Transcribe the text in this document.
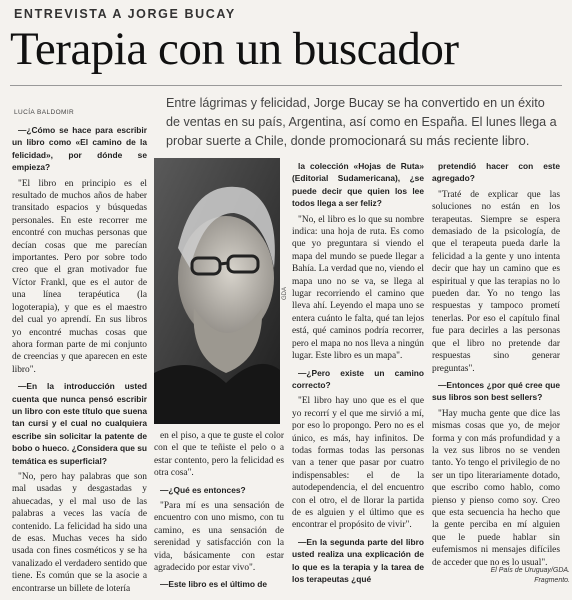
ENTREVISTA A JORGE BUCAY
Terapia con un buscador
LUCÍA BALDOMIR
Entre lágrimas y felicidad, Jorge Bucay se ha convertido en un éxito de ventas en su país, Argentina, así como en España. El lunes llega a probar suerte a Chile, donde promocionará su más reciente libro.

—¿Cómo se hace para escribir un libro como «El camino de la felicidad», por dónde se empieza?

"El libro en principio es el resultado de muchos años de haber transitado espacios y búsquedas personales. En este recorrer me encontré con muchas personas que decían cosas que me parecían importantes. Pero por sobre todo creo que el gran motivador fue Víctor Frankl, que es el autor de una línea terapéutica (la logoterapia), y que es el maestro del cual yo aprendí. En sus libros yo encontré muchas cosas que ahora forman parte de mi conjunto de creencias y que aparecen en este libro".

—En la introducción usted cuenta que nunca pensó escribir un libro con este título que suena tan cursi y el cual no cualquiera escribe sin solicitar la patente de bobo o hueco. ¿Considera que su temática es superficial?

"No, pero hay palabras que son mal usadas y desgastadas y ahuecadas, y el mal uso de las palabras a veces las vacía de contenido. La felicidad ha sido una de esas. Muchas veces ha sido usada con fines cosméticos y se ha vanalizado el verdadero sentido que tiene. Es común que se la asocie a encontrarse un billete de lotería

GDA

en el piso, a que te guste el color con el que te teñiste el pelo o a estar contento, pero la felicidad es otra cosa".

—¿Qué es entonces?

"Para mí es una sensación de encuentro con uno mismo, con tu camino, es una sensación de serenidad y satisfacción con la vida, básicamente con estar agradecido por estar vivo".

—Este libro es el último de

la colección «Hojas de Ruta» (Editorial Sudamericana), ¿se puede decir que quien los lee todos llega a ser feliz?

"No, el libro es lo que su nombre indica: una hoja de ruta. Es como que yo preguntara si viendo el mapa del mundo se puede llegar a Bahía. La verdad que no, viendo el mapa uno no se va, se llega al lugar recorriendo el camino que lleva ahí. Leyendo el mapa uno se entera cuánto le falta, qué tan lejos está, qué caminos podría recorrer, pero el mapa no nos lleva a ningún lugar. Este libro es un mapa".

—¿Pero existe un camino correcto?

"El libro hay uno que es el que yo recorrí y el que me sirvió a mí, por eso lo propongo. Pero no es el único, es más, hay infinitos. De todas formas todas las personas van a tener que pasar por cuatro indispensables: el de la autodependencia, el del encuentro con el otro, el de llorar la partida de es alguien y el último que es encontrar el propósito de vivir".

—En la segunda parte del libro usted realiza una explicación de lo que es la terapia y la tarea de los terapeutas ¿qué

pretendió hacer con este agregado?

"Traté de explicar que las soluciones no están en los terapeutas. Siempre se espera demasiado de la psicología, de que el terapeuta pueda darle la felicidad a la gente y uno intenta decir que hay un camino que es espiritual y que las terapias no lo pueden dar. Yo no tengo las respuestas y tampoco prometí tenerlas. Por eso el capítulo final fue para decirles a las personas que el libro no pretende dar respuestas sino generar preguntas".

—Entonces ¿por qué cree que sus libros son best sellers?

"Hay mucha gente que dice las mismas cosas que yo, de mejor forma y con más profundidad y a la vez sus libros no se venden tanto. Yo tengo el privilegio de no ser un tipo literariamente dotado, que escribo como hablo, como pienso y pienso como soy. Creo que esta secuencia ha hecho que la gente perciba en mí alguien que le puede hablar sin eufemismos ni mensajes difíciles de acceder que no es lo usual".

El País de Uruguay/GDA.
Fragmento.
